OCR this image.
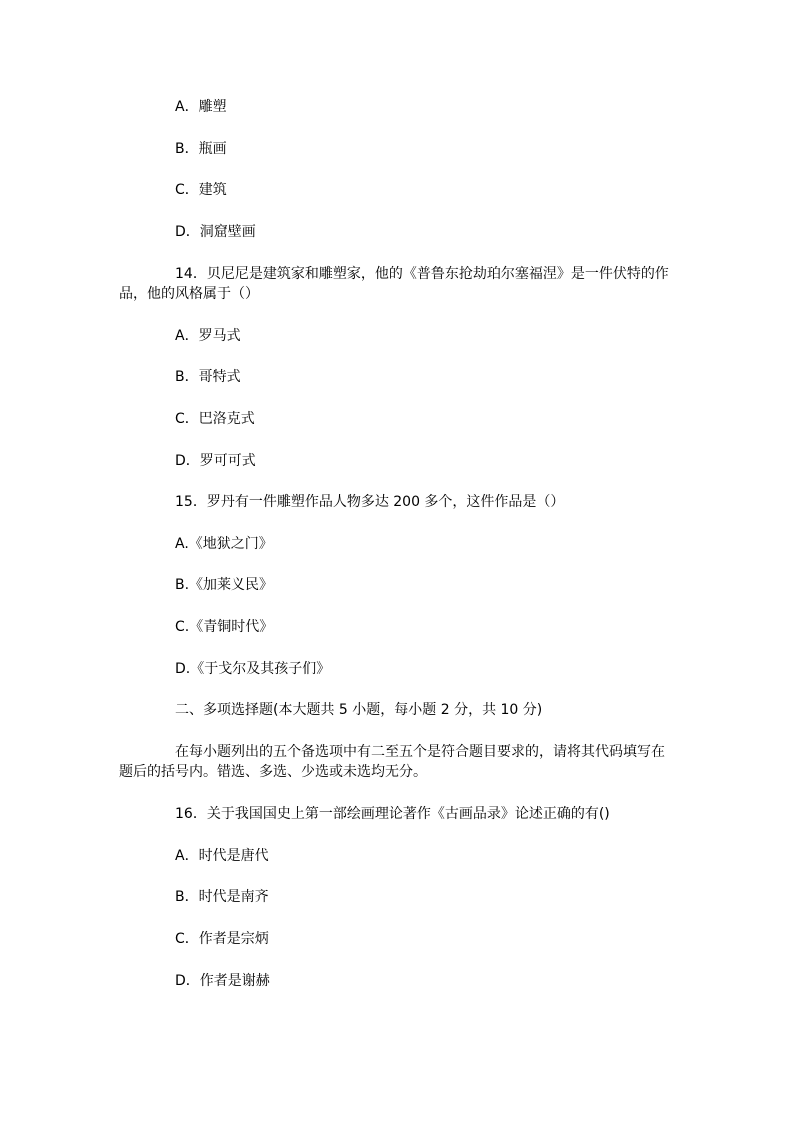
A．雕塑
B．瓶画
C．建筑
D．洞窟壁画
14．贝尼尼是建筑家和雕塑家，他的《普鲁东抢劫珀尔塞福涅》是一件伏特的作
品，他的风格属于（）
A．罗马式
B．哥特式
C．巴洛克式
D．罗可可式
15．罗丹有一件雕塑作品人物多达 200 多个，这件作品是（）
A.《地狱之门》
B.《加莱义民》
C.《青铜时代》
D.《于戈尔及其孩子们》
二、多项选择题(本大题共 5 小题，每小题 2 分，共 10 分)
在每小题列出的五个备选项中有二至五个是符合题目要求的，请将其代码填写在
题后的括号内。错选、多选、少选或未选均无分。
16．关于我国国史上第一部绘画理论著作《古画品录》论述正确的有()
A．时代是唐代
B．时代是南齐
C．作者是宗炳
D．作者是谢赫
